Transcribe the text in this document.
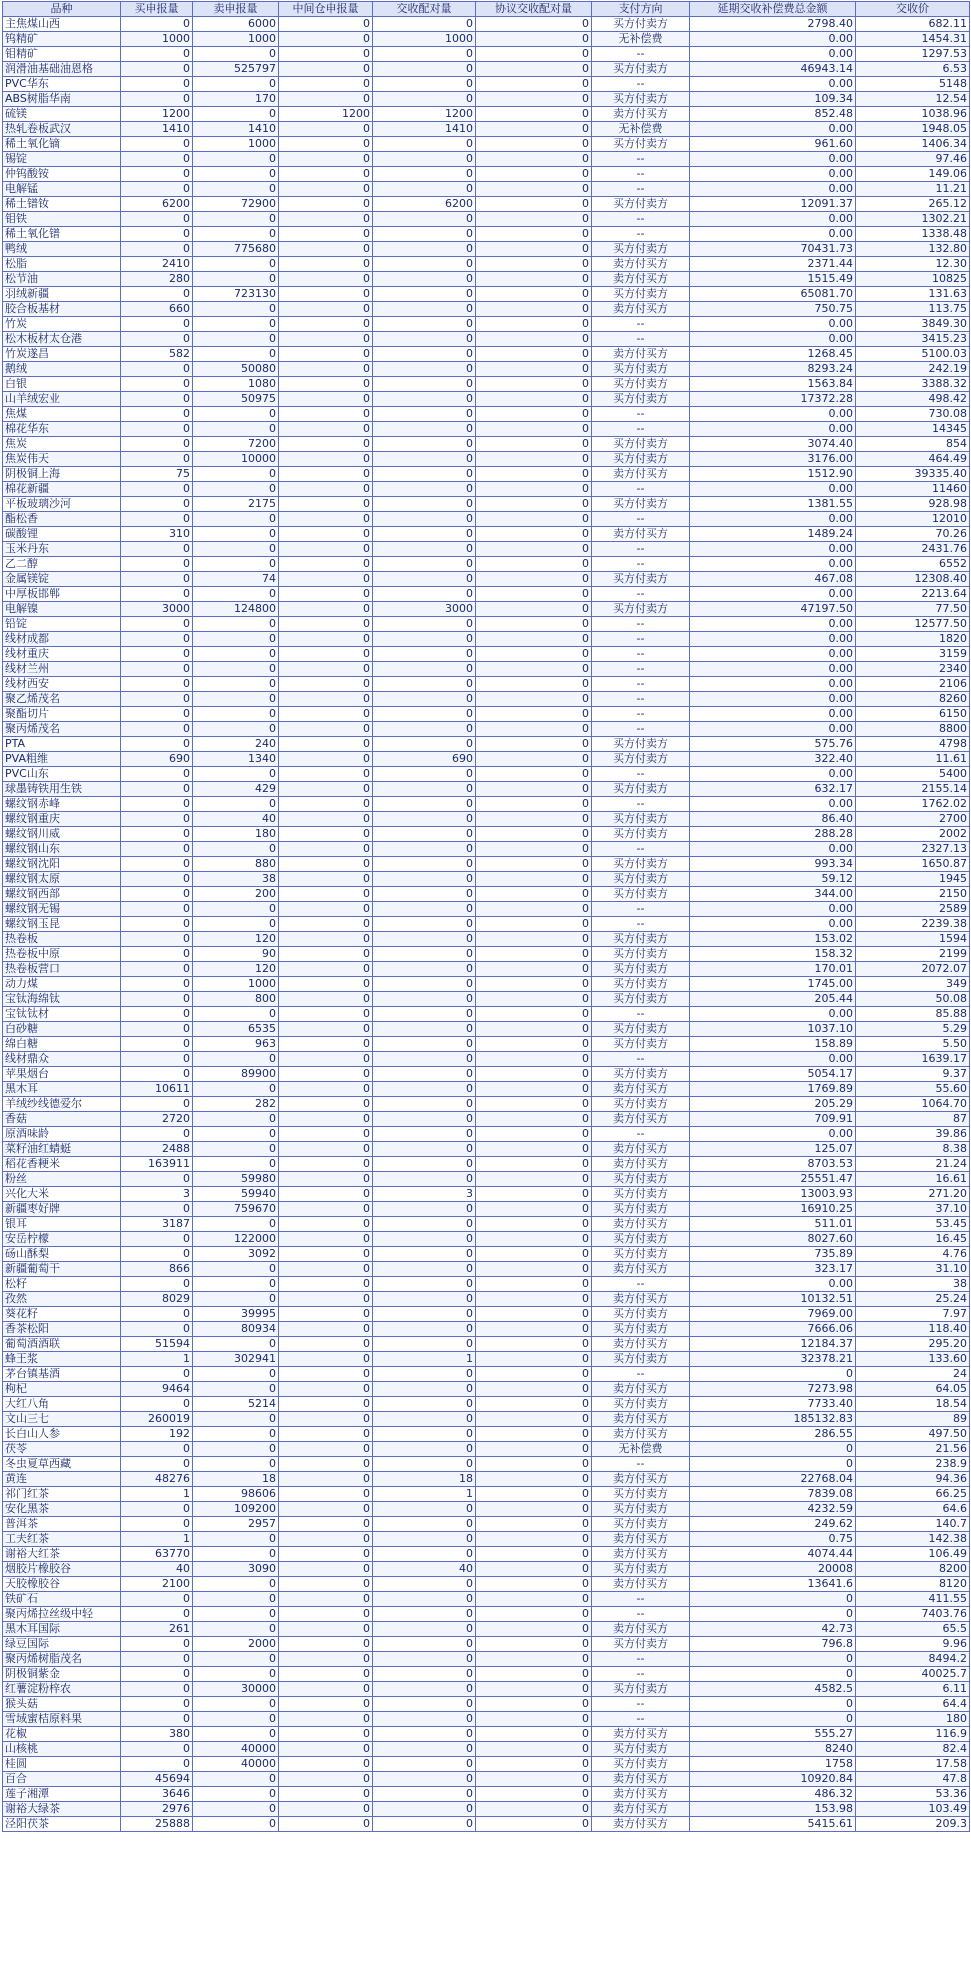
品种	买申报量	卖申报量	中间仓申报量	交收配对量	协议交收配对量	支付方向	延期交收补偿费总金额	交收价
主焦煤山西	0	6000	0	0	0	买方付卖方	2798.40	682.11
钨精矿	1000	1000	0	1000	0	无补偿费	0.00	1454.31
钼精矿	0	0	0	0	0	--	0.00	1297.53
润滑油基础油恩格	0	525797	0	0	0	买方付卖方	46943.14	6.53
PVC华东	0	0	0	0	0	--	0.00	5148
ABS树脂华南	0	170	0	0	0	买方付卖方	109.34	12.54
硫镁	1200	0	1200	1200	0	卖方付买方	852.48	1038.96
热轧卷板武汉	1410	1410	0	1410	0	无补偿费	0.00	1948.05
稀土氧化镝	0	1000	0	0	0	买方付卖方	961.60	1406.34
锡锭	0	0	0	0	0	--	0.00	97.46
仲钨酸铵	0	0	0	0	0	--	0.00	149.06
电解锰	0	0	0	0	0	--	0.00	11.21
稀土镨钕	6200	72900	0	6200	0	买方付卖方	12091.37	265.12
钼铁	0	0	0	0	0	--	0.00	1302.21
稀土氧化镨	0	0	0	0	0	--	0.00	1338.48
鸭绒	0	775680	0	0	0	买方付卖方	70431.73	132.80
松脂	2410	0	0	0	0	卖方付买方	2371.44	12.30
松节油	280	0	0	0	0	卖方付买方	1515.49	10825
羽绒新疆	0	723130	0	0	0	买方付卖方	65081.70	131.63
胶合板基材	660	0	0	0	0	卖方付买方	750.75	113.75
竹炭	0	0	0	0	0	--	0.00	3849.30
松木板材太仓港	0	0	0	0	0	--	0.00	3415.23
竹炭遂昌	582	0	0	0	0	卖方付买方	1268.45	5100.03
鹅绒	0	50080	0	0	0	买方付卖方	8293.24	242.19
白银	0	1080	0	0	0	买方付卖方	1563.84	3388.32
山羊绒宏业	0	50975	0	0	0	买方付卖方	17372.28	498.42
焦煤	0	0	0	0	0	--	0.00	730.08
棉花华东	0	0	0	0	0	--	0.00	14345
焦炭	0	7200	0	0	0	买方付卖方	3074.40	854
焦炭伟天	0	10000	0	0	0	买方付卖方	3176.00	464.49
阴极铜上海	75	0	0	0	0	卖方付买方	1512.90	39335.40
棉花新疆	0	0	0	0	0	--	0.00	11460
平板玻璃沙河	0	2175	0	0	0	买方付卖方	1381.55	928.98
酯松香	0	0	0	0	0	--	0.00	12010
碳酸锂	310	0	0	0	0	卖方付买方	1489.24	70.26
玉米丹东	0	0	0	0	0	--	0.00	2431.76
乙二醇	0	0	0	0	0	--	0.00	6552
金属镁锭	0	74	0	0	0	买方付卖方	467.08	12308.40
中厚板邯郸	0	0	0	0	0	--	0.00	2213.64
电解镍	3000	124800	0	3000	0	买方付卖方	47197.50	77.50
铅锭	0	0	0	0	0	--	0.00	12577.50
线材成都	0	0	0	0	0	--	0.00	1820
线材重庆	0	0	0	0	0	--	0.00	3159
线材兰州	0	0	0	0	0	--	0.00	2340
线材西安	0	0	0	0	0	--	0.00	2106
聚乙烯茂名	0	0	0	0	0	--	0.00	8260
聚酯切片	0	0	0	0	0	--	0.00	6150
聚丙烯茂名	0	0	0	0	0	--	0.00	8800
PTA	0	240	0	0	0	买方付卖方	575.76	4798
PVA粗维	690	1340	0	690	0	买方付卖方	322.40	11.61
PVC山东	0	0	0	0	0	--	0.00	5400
球墨铸铁用生铁	0	429	0	0	0	买方付卖方	632.17	2155.14
螺纹钢赤峰	0	0	0	0	0	--	0.00	1762.02
螺纹钢重庆	0	40	0	0	0	买方付卖方	86.40	2700
螺纹钢川威	0	180	0	0	0	买方付卖方	288.28	2002
螺纹钢山东	0	0	0	0	0	--	0.00	2327.13
螺纹钢沈阳	0	880	0	0	0	买方付卖方	993.34	1650.87
螺纹钢太原	0	38	0	0	0	买方付卖方	59.12	1945
螺纹钢西部	0	200	0	0	0	买方付卖方	344.00	2150
螺纹钢无锡	0	0	0	0	0	--	0.00	2589
螺纹钢玉昆	0	0	0	0	0	--	0.00	2239.38
热卷板	0	120	0	0	0	买方付卖方	153.02	1594
热卷板中原	0	90	0	0	0	买方付卖方	158.32	2199
热卷板营口	0	120	0	0	0	买方付卖方	170.01	2072.07
动力煤	0	1000	0	0	0	买方付卖方	1745.00	349
宝钛海绵钛	0	800	0	0	0	买方付卖方	205.44	50.08
宝钛钛材	0	0	0	0	0	--	0.00	85.88
白砂糖	0	6535	0	0	0	买方付卖方	1037.10	5.29
绵白糖	0	963	0	0	0	买方付卖方	158.89	5.50
线材鼎众	0	0	0	0	0	--	0.00	1639.17
苹果烟台	0	89900	0	0	0	买方付卖方	5054.17	9.37
黑木耳	10611	0	0	0	0	卖方付买方	1769.89	55.60
羊绒纱线德爱尔	0	282	0	0	0	买方付卖方	205.29	1064.70
香菇	2720	0	0	0	0	卖方付买方	709.91	87
原酒味龄	0	0	0	0	0	--	0.00	39.86
菜籽油红蜻蜓	2488	0	0	0	0	卖方付买方	125.07	8.38
稻花香粳米	163911	0	0	0	0	卖方付买方	8703.53	21.24
粉丝	0	59980	0	0	0	买方付卖方	25551.47	16.61
兴化大米	3	59940	0	3	0	买方付卖方	13003.93	271.20
新疆枣好牌	0	759670	0	0	0	买方付卖方	16910.25	37.10
银耳	3187	0	0	0	0	卖方付买方	511.01	53.45
安岳柠檬	0	122000	0	0	0	买方付卖方	8027.60	16.45
砀山酥梨	0	3092	0	0	0	买方付卖方	735.89	4.76
新疆葡萄干	866	0	0	0	0	卖方付买方	323.17	31.10
松籽	0	0	0	0	0	--	0.00	38
孜然	8029	0	0	0	0	卖方付买方	10132.51	25.24
葵花籽	0	39995	0	0	0	买方付卖方	7969.00	7.97
香茶松阳	0	80934	0	0	0	买方付卖方	7666.06	118.40
葡萄酒酒联	51594	0	0	0	0	卖方付买方	12184.37	295.20
蜂王浆	1	302941	0	1	0	买方付卖方	32378.21	133.60
茅台镇基酒	0	0	0	0	0	--	0	24
枸杞	9464	0	0	0	0	卖方付买方	7273.98	64.05
大红八角	0	5214	0	0	0	买方付卖方	7733.40	18.54
文山三七	260019	0	0	0	0	卖方付买方	185132.83	89
长白山人参	192	0	0	0	0	卖方付买方	286.55	497.50
茯苓	0	0	0	0	0	无补偿费	0	21.56
冬虫夏草西藏	0	0	0	0	0	--	0	238.9
黄连	48276	18	0	18	0	卖方付买方	22768.04	94.36
祁门红茶	1	98606	0	1	0	买方付卖方	7839.08	66.25
安化黑茶	0	109200	0	0	0	买方付卖方	4232.59	64.6
普洱茶	0	2957	0	0	0	买方付卖方	249.62	140.7
工夫红茶	1	0	0	0	0	卖方付买方	0.75	142.38
谢裕大红茶	63770	0	0	0	0	卖方付买方	4074.44	106.49
烟胶片橡胶谷	40	3090	0	40	0	买方付卖方	20008	8200
天胶橡胶谷	2100	0	0	0	0	卖方付买方	13641.6	8120
铁矿石	0	0	0	0	0	--	0	411.55
聚丙烯拉丝级中轻	0	0	0	0	0	--	0	7403.76
黑木耳国际	261	0	0	0	0	卖方付买方	42.73	65.5
绿豆国际	0	2000	0	0	0	买方付卖方	796.8	9.96
聚丙烯树脂茂名	0	0	0	0	0	--	0	8494.2
阴极铜紫金	0	0	0	0	0	--	0	40025.7
红薯淀粉梓农	0	30000	0	0	0	买方付卖方	4582.5	6.11
猴头菇	0	0	0	0	0	--	0	64.4
雪域蜜桔原料果	0	0	0	0	0	--	0	180
花椒	380	0	0	0	0	卖方付买方	555.27	116.9
山核桃	0	40000	0	0	0	买方付卖方	8240	82.4
桂圆	0	40000	0	0	0	买方付卖方	1758	17.58
百合	45694	0	0	0	0	卖方付买方	10920.84	47.8
莲子湘潭	3646	0	0	0	0	卖方付买方	486.32	53.36
谢裕大绿茶	2976	0	0	0	0	卖方付买方	153.98	103.49
泾阳茯茶	25888	0	0	0	0	卖方付买方	5415.61	209.3
